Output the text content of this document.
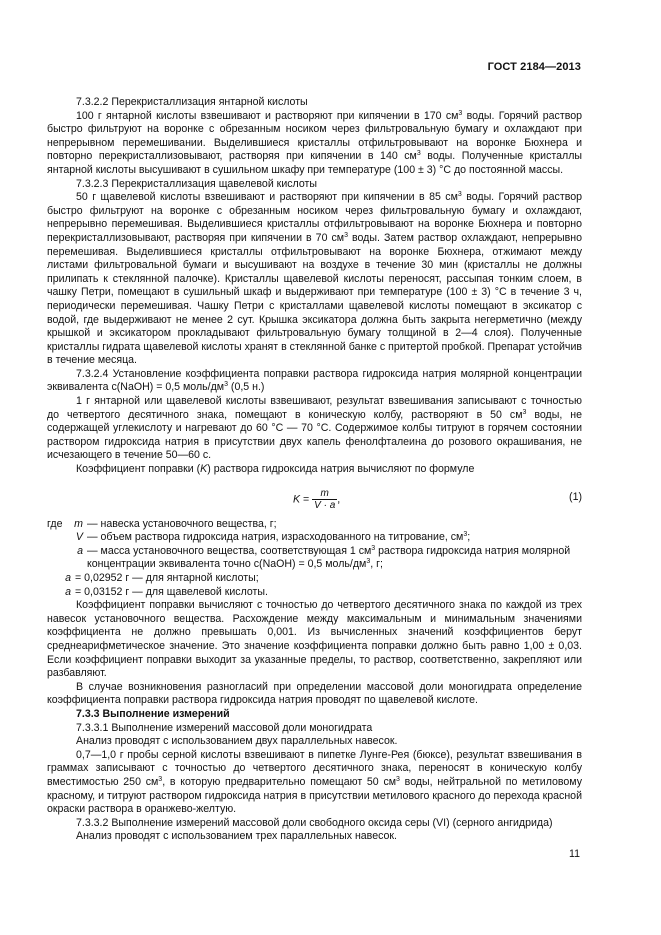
ГОСТ 2184—2013

7.3.2.2 Перекристаллизация янтарной кислоты

100 г янтарной кислоты взвешивают и растворяют при кипячении в 170 $см^3$ воды. Горячий раствор быстро фильтруют на воронке с обрезанным носиком через фильтровальную бумагу и охлаждают при непрерывном перемешивании. Выделившиеся кристаллы отфильтровывают на воронке Бюхнера и повторно перекристаллизовывают, растворяя при кипячении в 140 $см^3$ воды. Полученные кристаллы янтарной кислоты высушивают в сушильном шкафу при температуре (100 ± 3) °С до постоянной массы.

7.3.2.3 Перекристаллизация щавелевой кислоты

50 г щавелевой кислоты взвешивают и растворяют при кипячении в 85 $см^3$ воды. Горячий раствор быстро фильтруют на воронке с обрезанным носиком через фильтровальную бумагу и охлаждают, непрерывно перемешивая. Выделившиеся кристаллы отфильтровывают на воронке Бюхнера и повторно перекристаллизовывают, растворяя при кипячении в 70 $см^3$ воды. Затем раствор охлаждают, непрерывно перемешивая. Выделившиеся кристаллы отфильтровывают на воронке Бюхнера, отжимают между листами фильтровальной бумаги и высушивают на воздухе в течение 30 мин (кристаллы не должны прилипать к стеклянной палочке). Кристаллы щавелевой кислоты переносят, рассыпая тонким слоем, в чашку Петри, помещают в сушильный шкаф и выдерживают при температуре (100 ± 3) °С в течение 3 ч, периодически перемешивая. Чашку Петри с кристаллами щавелевой кислоты помещают в эксикатор с водой, где выдерживают не менее 2 сут. Крышка эксикатора должна быть закрыта негерметично (между крышкой и эксикатором прокладывают фильтровальную бумагу толщиной в 2—4 слоя). Полученные кристаллы гидрата щавелевой кислоты хранят в стеклянной банке с притертой пробкой. Препарат устойчив в течение месяца.

7.3.2.4 Установление коэффициента поправки раствора гидроксида натрия молярной концентрации эквивалента с(NaOH) = 0,5 моль/$дм^3$ (0,5 н.)

1 г янтарной или щавелевой кислоты взвешивают, результат взвешивания записывают с точностью до четвертого десятичного знака, помещают в коническую колбу, растворяют в 50 $см^3$ воды, не содержащей углекислоту и нагревают до 60 °С — 70 °С. Содержимое колбы титруют в горячем состоянии раствором гидроксида натрия в присутствии двух капель фенолфталеина до розового окрашивания, не исчезающего в течение 50—60 с.

Коэффициент поправки (K) раствора гидроксида натрия вычисляют по формуле

$K = \frac{m}{V \cdot a}$ ,	(1)
где	m — навеска установочного вещества, г;
V — объем раствора гидроксида натрия, израсходованного на титрование, $см^3$;
a — масса установочного вещества, соответствующая 1 $см^3$ раствора гидроксида натрия молярной концентрации эквивалента точно с(NaOH) = 0,5 моль/$дм^3$, г;
a = 0,02952 г — для янтарной кислоты;
a = 0,03152 г — для щавелевой кислоты.

Коэффициент поправки вычисляют с точностью до четвертого десятичного знака по каждой из трех навесок установочного вещества. Расхождение между максимальным и минимальным значениями коэффициента не должно превышать 0,001. Из вычисленных значений коэффициентов берут среднеарифметическое значение. Это значение коэффициента поправки должно быть равно 1,00 ± 0,03. Если коэффициент поправки выходит за указанные пределы, то раствор, соответственно, закрепляют или разбавляют.

В случае возникновения разногласий при определении массовой доли моногидрата определение коэффициента поправки раствора гидроксида натрия проводят по щавелевой кислоте.

7.3.3 Выполнение измерений

7.3.3.1 Выполнение измерений массовой доли моногидрата

Анализ проводят с использованием двух параллельных навесок.

0,7—1,0 г пробы серной кислоты взвешивают в пипетке Лунге-Рея (бюксе), результат взвешивания в граммах записывают с точностью до четвертого десятичного знака, переносят в коническую колбу вместимостью 250 $см^3$, в которую предварительно помещают 50 $см^3$ воды, нейтральной по метиловому красному, и титруют раствором гидроксида натрия в присутствии метилового красного до перехода красной окраски раствора в оранжево-желтую.

7.3.3.2 Выполнение измерений массовой доли свободного оксида серы (VI) (серного ангидрида)

Анализ проводят с использованием трех параллельных навесок.

11
